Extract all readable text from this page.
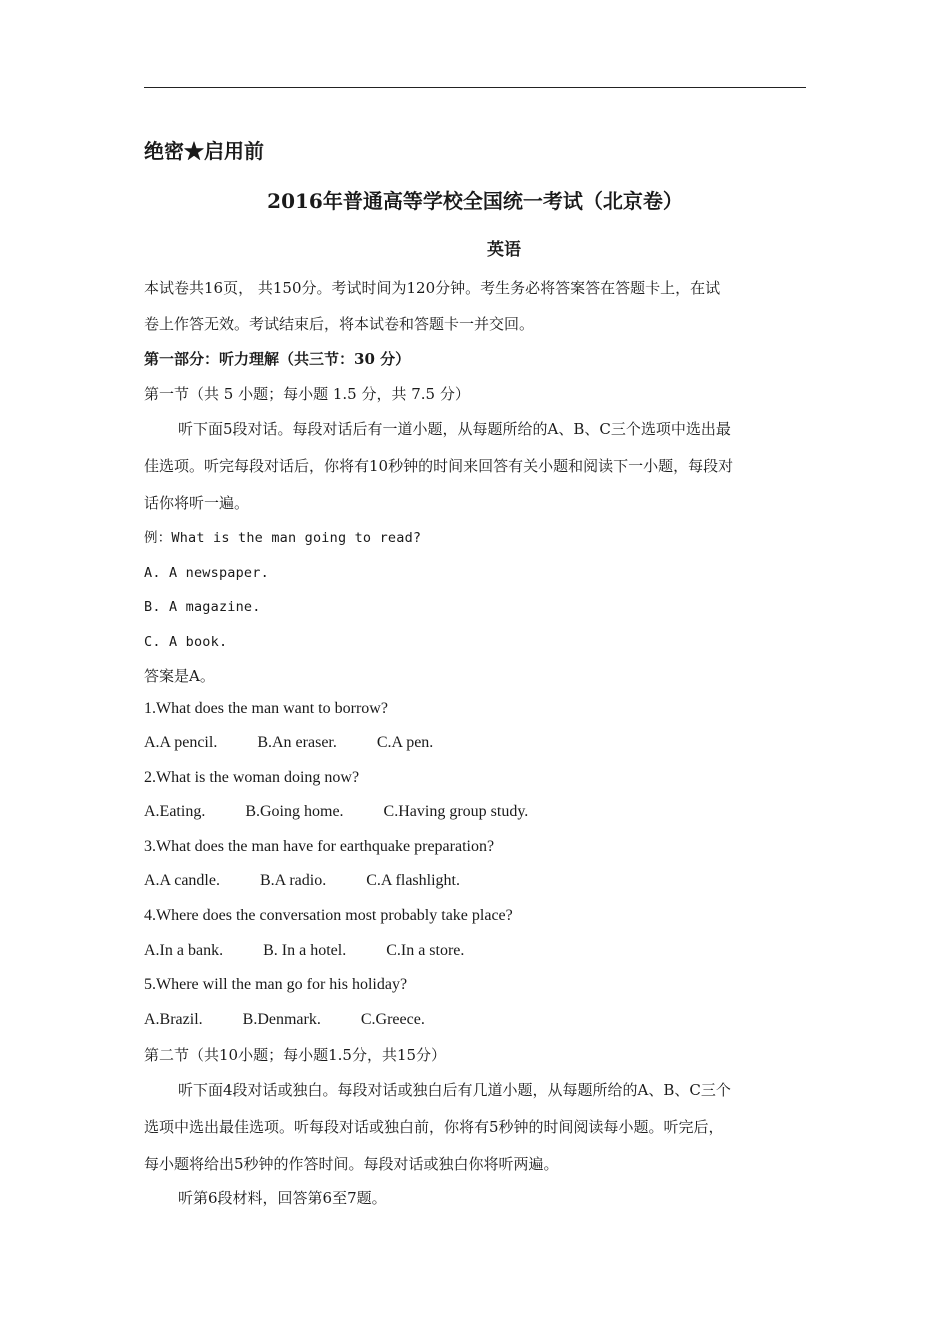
绝密★启用前
2016年普通高等学校全国统一考试（北京卷）
英语
本试卷共16页， 共150分。考试时间为120分钟。考生务必将答案答在答题卡上，在试
卷上作答无效。考试结束后，将本试卷和答题卡一并交回。
第一部分：听力理解（共三节：30 分）
第一节（共 5 小题；每小题 1.5 分，共 7.5 分）
听下面5段对话。每段对话后有一道小题，从每题所给的A、B、C三个选项中选出最
佳选项。听完每段对话后，你将有10秒钟的时间来回答有关小题和阅读下一小题，每段对
话你将听一遍。
例：What is the man going to read?
A. A newspaper.
B. A magazine.
C. A book.
答案是A。
1.What does the man want to borrow?
A.A pencil.	B.An eraser.	C.A pen.
2.What is the woman doing now?
A.Eating.	B.Going home.	C.Having group study.
3.What does the man have for earthquake preparation?
A.A candle.	B.A radio.	C.A flashlight.
4.Where does the conversation most probably take place?
A.In a bank.	B. In a hotel.	C.In a store.
5.Where will the man go for his holiday?
A.Brazil.	B.Denmark.	C.Greece.
第二节（共10小题；每小题1.5分，共15分）
听下面4段对话或独白。每段对话或独白后有几道小题，从每题所给的A、B、C三个
选项中选出最佳选项。听每段对话或独白前，你将有5秒钟的时间阅读每小题。听完后，
每小题将给出5秒钟的作答时间。每段对话或独白你将听两遍。
听第6段材料，回答第6至7题。
